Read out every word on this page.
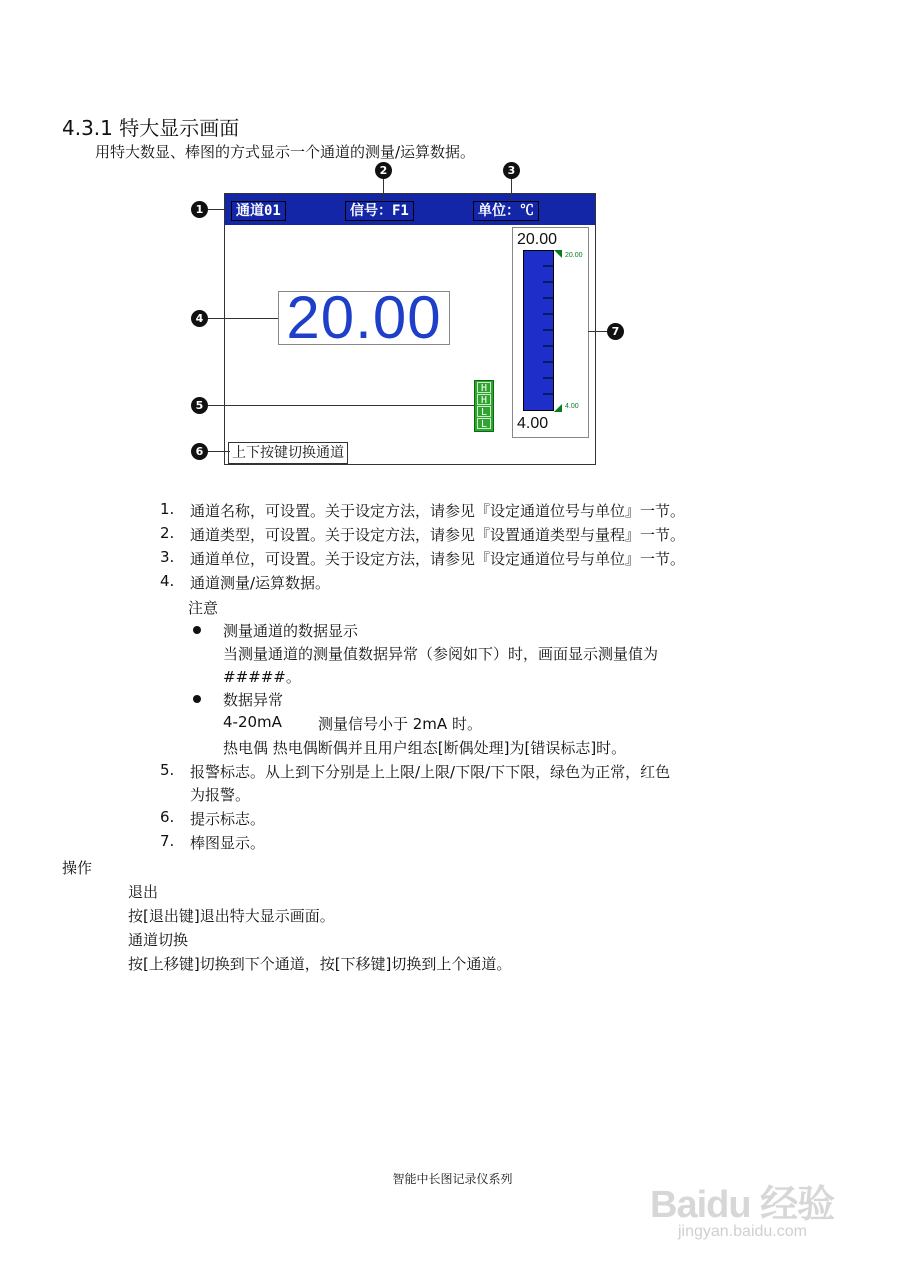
4.3.1 特大显示画面
用特大数显、棒图的方式显示一个通道的测量/运算数据。
通道01	信号：F1	单位：℃
20.00
H
H
L
L
20.00
20.00
4.00
4.00
上下按键切换通道
1
2	3
4
5
6
7
1. 通道名称，可设置。关于设定方法，请参见『设定通道位号与单位』一节。
2. 通道类型，可设置。关于设定方法，请参见『设置通道类型与量程』一节。
3. 通道单位，可设置。关于设定方法，请参见『设定通道位号与单位』一节。
4. 通道测量/运算数据。
注意
测量通道的数据显示
当测量通道的测量值数据异常（参阅如下）时，画面显示测量值为
#####。
数据异常
4-20mA 测量信号小于 2mA 时。
热电偶 热电偶断偶并且用户组态[断偶处理]为[错误标志]时。
5. 报警标志。从上到下分别是上上限/上限/下限/下下限，绿色为正常，红色
为报警。
6. 提示标志。
7. 棒图显示。
操作
退出
按[退出键]退出特大显示画面。
通道切换
按[上移键]切换到下个通道，按[下移键]切换到上个通道。
智能中长图记录仪系列
Baidu 经验
jingyan.baidu.com
